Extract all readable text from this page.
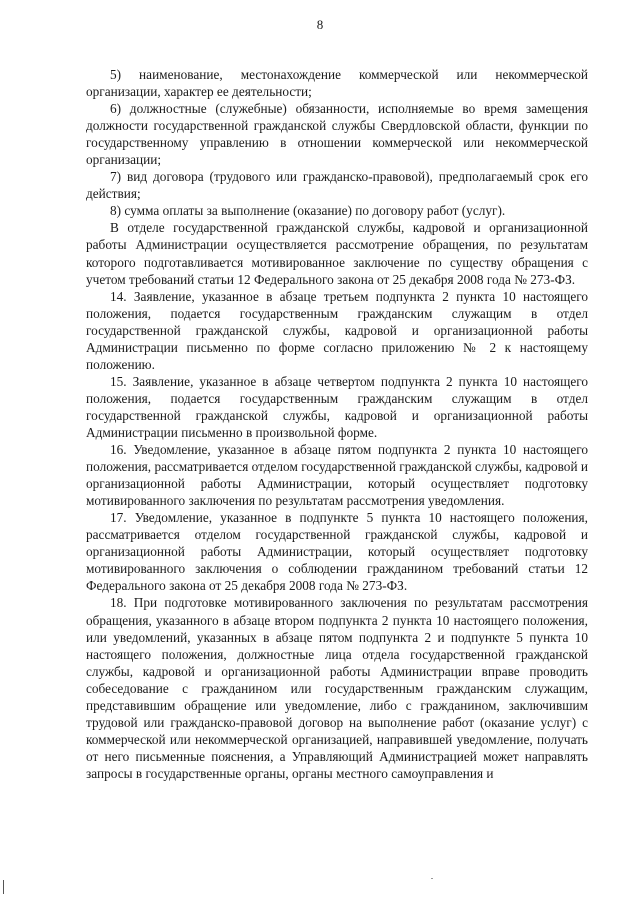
8

5) наименование, местонахождение коммерческой или некоммерческой организации, характер ее деятельности;

6) должностные (служебные) обязанности, исполняемые во время замещения должности государственной гражданской службы Свердловской области, функции по государственному управлению в отношении коммерческой или некоммерческой организации;

7) вид договора (трудового или гражданско-правовой), предполагаемый срок его действия;

8) сумма оплаты за выполнение (оказание) по договору работ (услуг).

В отделе государственной гражданской службы, кадровой и организационной работы Администрации осуществляется рассмотрение обращения, по результатам которого подготавливается мотивированное заключение по существу обращения с учетом требований статьи 12 Федерального закона от 25 декабря 2008 года № 273-ФЗ.

14. Заявление, указанное в абзаце третьем подпункта 2 пункта 10 настоящего положения, подается государственным гражданским служащим в отдел государственной гражданской службы, кадровой и организационной работы Администрации письменно по форме согласно приложению № 2 к настоящему положению.

15. Заявление, указанное в абзаце четвертом подпункта 2 пункта 10 настоящего положения, подается государственным гражданским служащим в отдел государственной гражданской службы, кадровой и организационной работы Администрации письменно в произвольной форме.

16. Уведомление, указанное в абзаце пятом подпункта 2 пункта 10 настоящего положения, рассматривается отделом государственной гражданской службы, кадровой и организационной работы Администрации, который осуществляет подготовку мотивированного заключения по результатам рассмотрения уведомления.

17. Уведомление, указанное в подпункте 5 пункта 10 настоящего положения, рассматривается отделом государственной гражданской службы, кадровой и организационной работы Администрации, который осуществляет подготовку мотивированного заключения о соблюдении гражданином требований статьи 12 Федерального закона от 25 декабря 2008 года № 273-ФЗ.

18. При подготовке мотивированного заключения по результатам рассмотрения обращения, указанного в абзаце втором подпункта 2 пункта 10 настоящего положения, или уведомлений, указанных в абзаце пятом подпункта 2 и подпункте 5 пункта 10 настоящего положения, должностные лица отдела государственной гражданской службы, кадровой и организационной работы Администрации вправе проводить собеседование с гражданином или государственным гражданским служащим, представившим обращение или уведомление, либо с гражданином, заключившим трудовой или гражданско-правовой договор на выполнение работ (оказание услуг) с коммерческой или некоммерческой организацией, направившей уведомление, получать от него письменные пояснения, а Управляющий Администрацией может направлять запросы в государственные органы, органы местного самоуправления и
